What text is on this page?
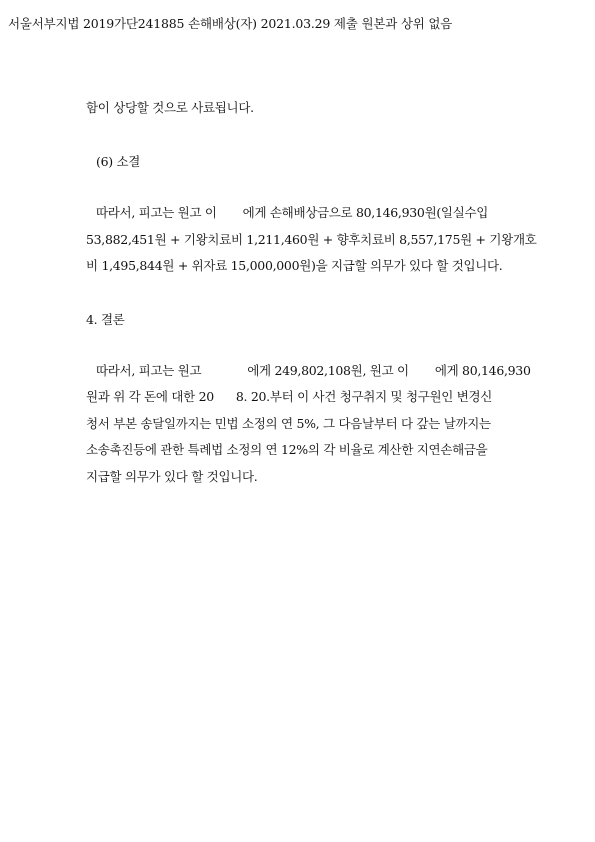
서울서부지법 2019가단241885 손해배상(자) 2021.03.29 제출 원본과 상위 없음
함이 상당할 것으로 사료됩니다.
(6) 소결
따라서, 피고는 원고 이 에게 손해배상금으로 80,146,930원(일실수입
53,882,451원 + 기왕치료비 1,211,460원 + 향후치료비 8,557,175원 + 기왕개호
비 1,495,844원 + 위자료 15,000,000원)을 지급할 의무가 있다 할 것입니다.
4. 결론
따라서, 피고는 원고	에게 249,802,108원, 원고 이 에게 80,146,930
원과 위 각 돈에 대한 20 8. 20.부터 이 사건 청구취지 및 청구원인 변경신
청서 부본 송달일까지는 민법 소정의 연 5%, 그 다음날부터 다 갚는 날까지는
소송촉진등에 관한 특례법 소정의 연 12%의 각 비율로 계산한 지연손해금을
지급할 의무가 있다 할 것입니다.
